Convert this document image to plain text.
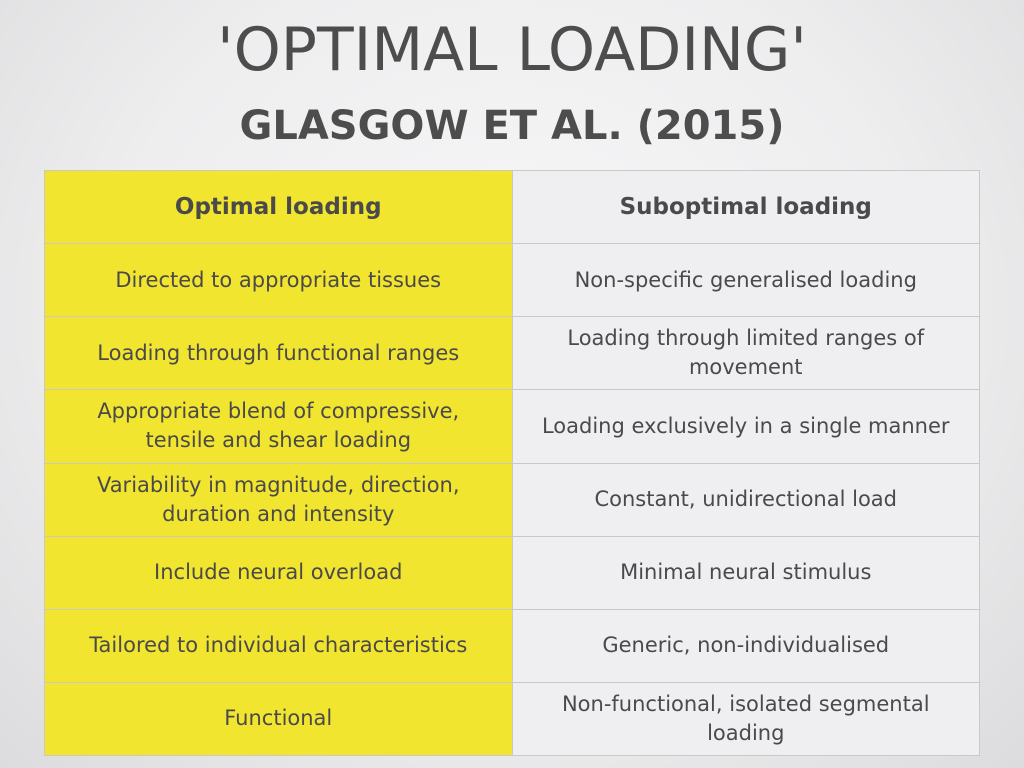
'OPTIMAL LOADING'
GLASGOW ET AL. (2015)
Optimal loading	Suboptimal loading
Directed to appropriate tissues	Non-specific generalised loading
Loading through functional ranges	Loading through limited ranges of movement
Appropriate blend of compressive, tensile and shear loading	Loading exclusively in a single manner
Variability in magnitude, direction, duration and intensity	Constant, unidirectional load
Include neural overload	Minimal neural stimulus
Tailored to individual characteristics	Generic, non-individualised
Functional	Non-functional, isolated segmental loading
